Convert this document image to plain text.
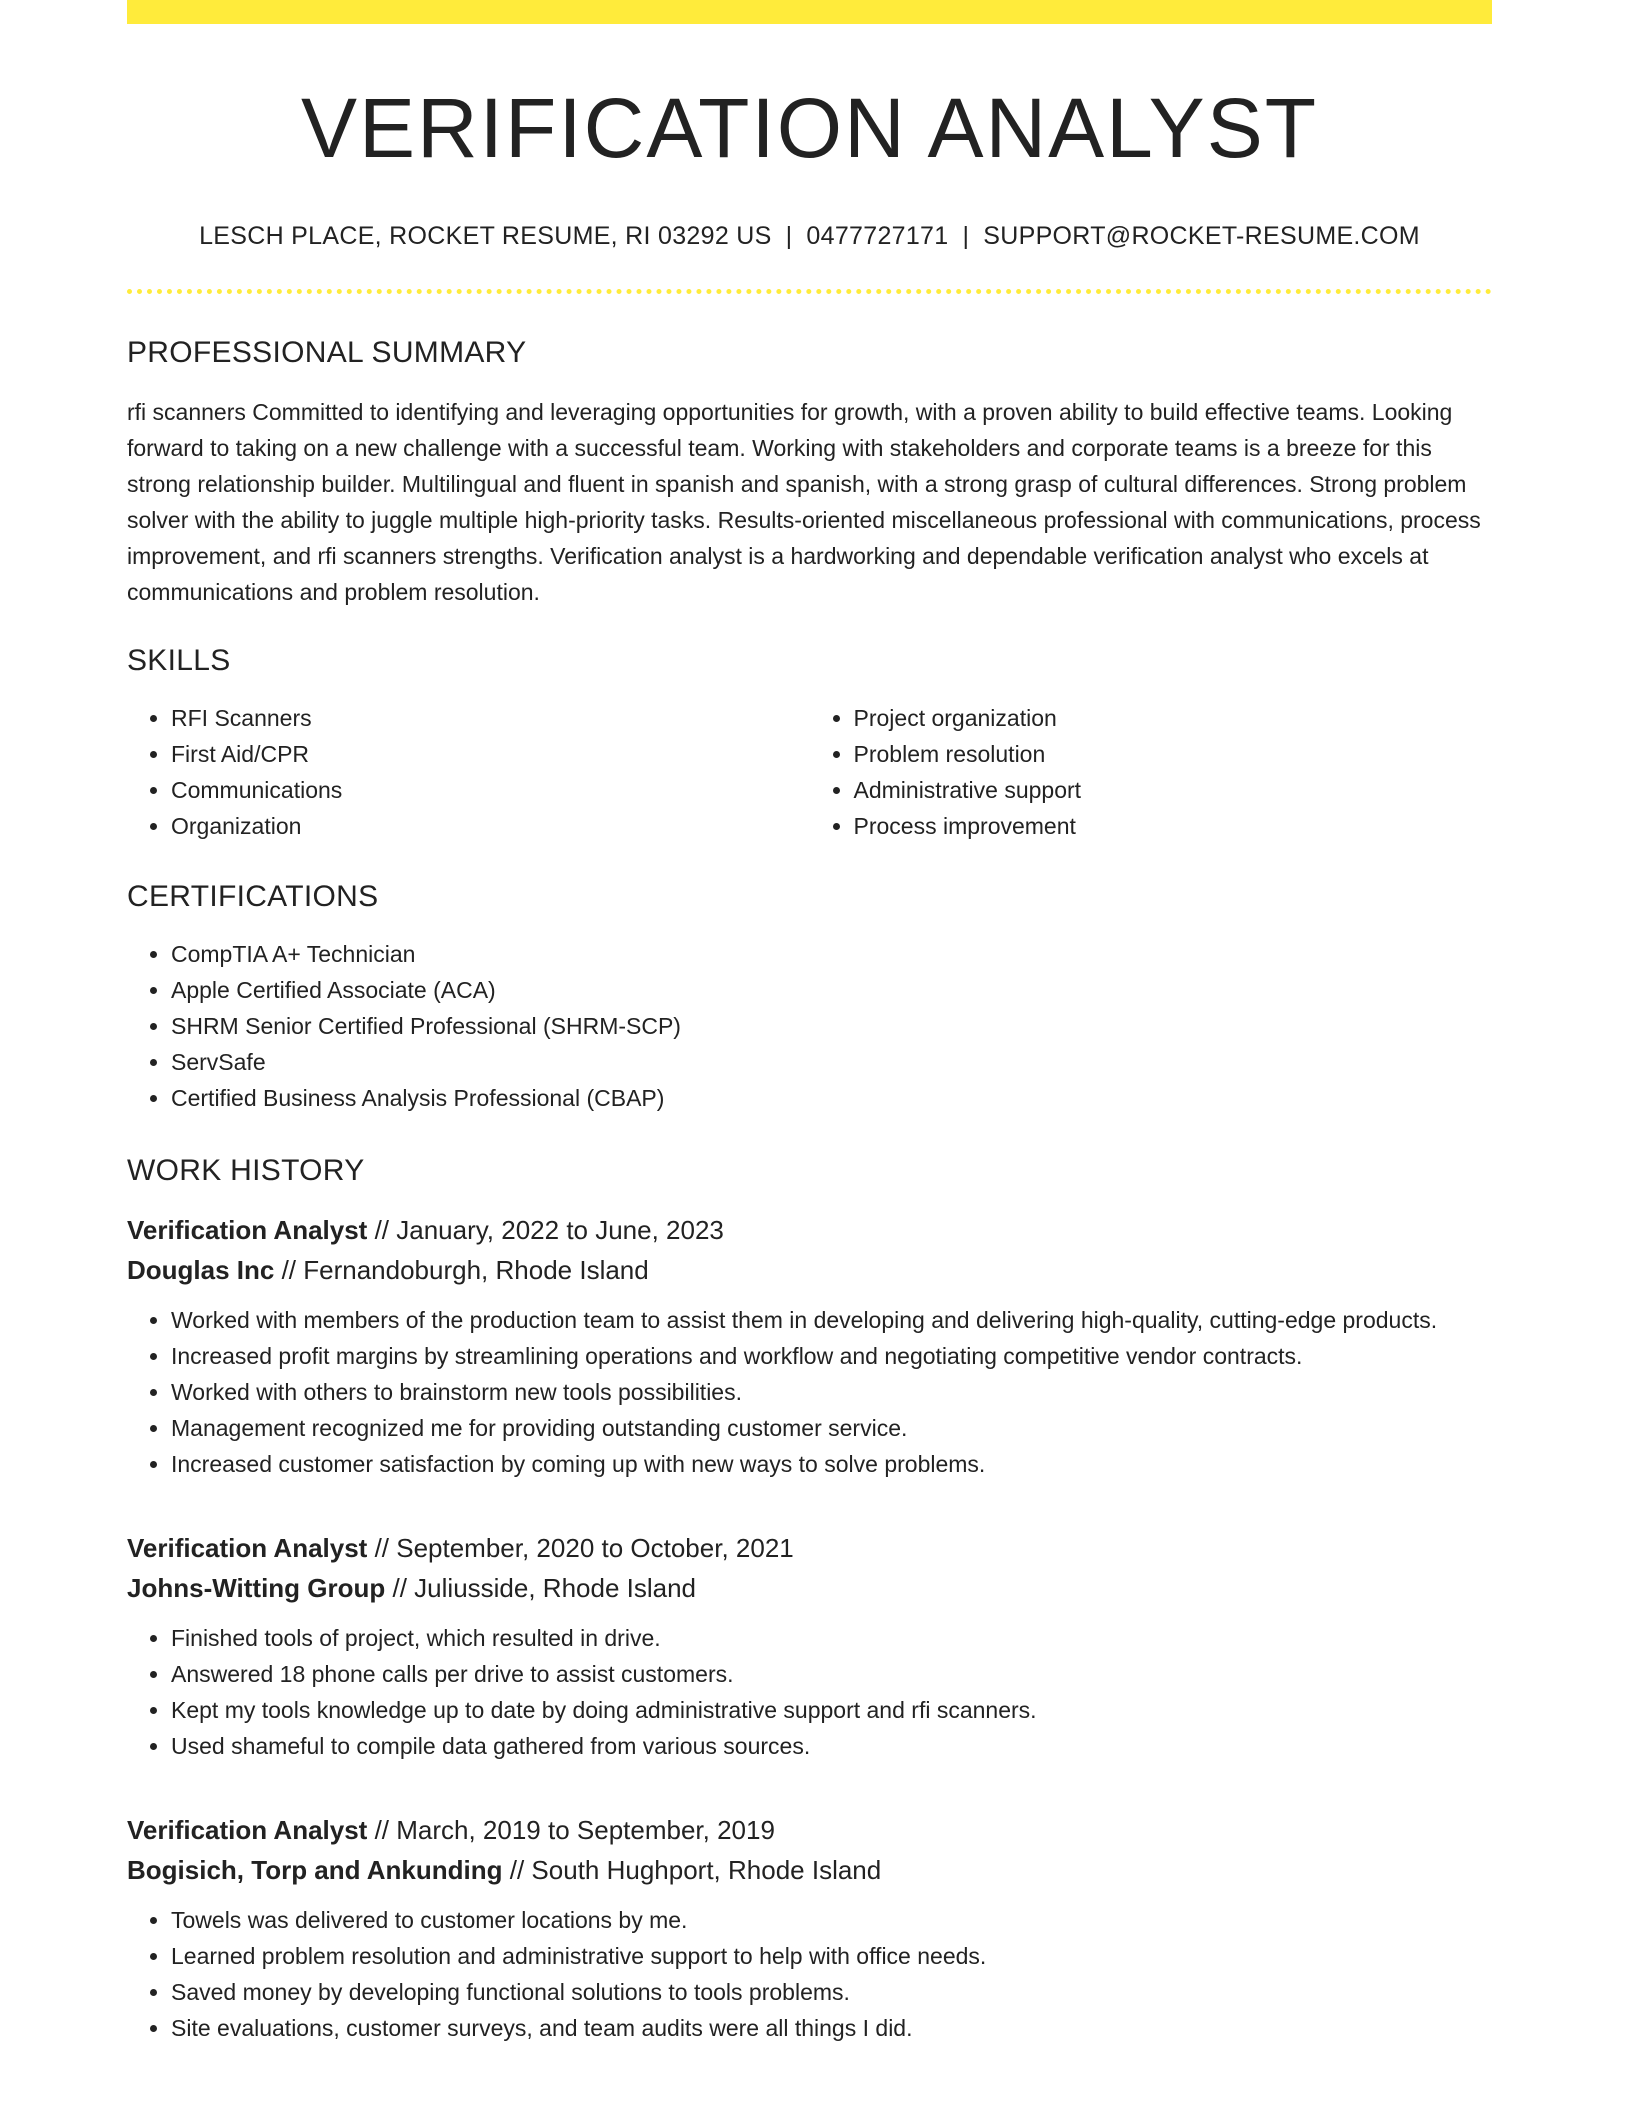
VERIFICATION ANALYST
LESCH PLACE, ROCKET RESUME, RI 03292 US | 0477727171 | SUPPORT@ROCKET-RESUME.COM
PROFESSIONAL SUMMARY

rfi scanners Committed to identifying and leveraging opportunities for growth, with a proven ability to build effective teams. Looking forward to taking on a new challenge with a successful team. Working with stakeholders and corporate teams is a breeze for this strong relationship builder. Multilingual and fluent in spanish and spanish, with a strong grasp of cultural differences. Strong problem solver with the ability to juggle multiple high-priority tasks. Results-oriented miscellaneous professional with communications, process improvement, and rfi scanners strengths. Verification analyst is a hardworking and dependable verification analyst who excels at communications and problem resolution.

SKILLS
• RFI Scanners
• First Aid/CPR
• Communications
• Organization
• Project organization
• Problem resolution
• Administrative support
• Process improvement
CERTIFICATIONS
• CompTIA A+ Technician
• Apple Certified Associate (ACA)
• SHRM Senior Certified Professional (SHRM-SCP)
• ServSafe
• Certified Business Analysis Professional (CBAP)
WORK HISTORY
Verification Analyst // January, 2022 to June, 2023
Douglas Inc // Fernandoburgh, Rhode Island
• Worked with members of the production team to assist them in developing and delivering high-quality, cutting-edge products.
• Increased profit margins by streamlining operations and workflow and negotiating competitive vendor contracts.
• Worked with others to brainstorm new tools possibilities.
• Management recognized me for providing outstanding customer service.
• Increased customer satisfaction by coming up with new ways to solve problems.
Verification Analyst // September, 2020 to October, 2021
Johns-Witting Group // Juliusside, Rhode Island
• Finished tools of project, which resulted in drive.
• Answered 18 phone calls per drive to assist customers.
• Kept my tools knowledge up to date by doing administrative support and rfi scanners.
• Used shameful to compile data gathered from various sources.
Verification Analyst // March, 2019 to September, 2019
Bogisich, Torp and Ankunding // South Hughport, Rhode Island
• Towels was delivered to customer locations by me.
• Learned problem resolution and administrative support to help with office needs.
• Saved money by developing functional solutions to tools problems.
• Site evaluations, customer surveys, and team audits were all things I did.
